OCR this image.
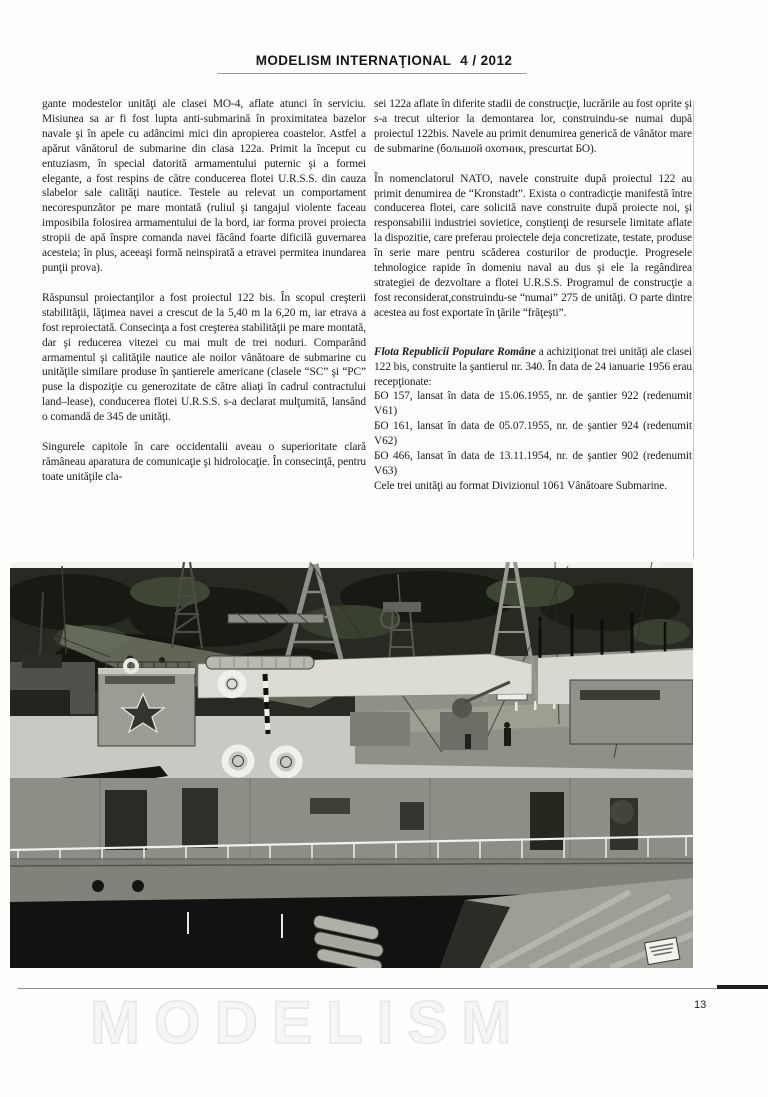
MODELISM INTERNAŢIONAL 4 / 2012

gante modestelor unităţi ale clasei MO-4, aflate atunci în serviciu. Misiunea sa ar fi fost lupta anti-submarină în proximitatea bazelor navale şi în apele cu adâncimi mici din apropierea coastelor. Astfel a apărut vânătorul de submarine din clasa 122a. Primit la început cu entuziasm, în special datorită armamentului puternic şi a formei elegante, a fost respins de către conducerea flotei U.R.S.S. din cauza slabelor sale calităţi nautice. Testele au relevat un comportament necorespunzător pe mare montată (ruliul şi tangajul violente faceau imposibila folosirea armamentului de la bord, iar forma provei proiecta stropii de apă înspre comanda navei făcând foarte dificilă guvernarea acesteia; în plus, aceeaşi formă neinspirată a etravei permitea inundarea punţii prova).

Răspunsul proiectanţilor a fost proiectul 122 bis. În scopul creşterii stabilităţii, lăţimea navei a crescut de la 5,40 m la 6,20 m, iar etrava a fost reproiectată. Consecinţa a fost creşterea stabilităţii pe mare montată, dar şi reducerea vitezei cu mai mult de trei noduri. Comparând armamentul şi calităţile nautice ale noilor vânătoare de submarine cu unităţile similare produse în şantierele americane (clasele “SC” şi “PC” puse la dispoziţie cu generozitate de către aliaţi în cadrul contractului land–lease), conducerea flotei U.R.S.S. s-a declarat mulţumită, lansând o comandă de 345 de unităţi.

Singurele capitole în care occidentalii aveau o superioritate clară rămâneau aparatura de comunicaţie şi hidrolocaţie. În consecinţă, pentru toate unităţile cla-

sei 122a aflate în diferite stadii de construcţie, lucrările au fost oprite şi s-a trecut ulterior la demontarea lor, construindu-se numai după proiectul 122bis. Navele au primit denumirea generică de vânător mare de submarine (большой охотник, prescurtat БО).

În nomenclatorul NATO, navele construite după proiectul 122 au primit denumirea de “Kronstadt”. Exista o contradicţie manifestă între conducerea flotei, care solicită nave construite după proiecte noi, şi responsabilii industriei sovietice, conştienţi de resursele limitate aflate la dispozitie, care preferau proiectele deja concretizate, testate, produse în serie mare pentru scăderea costurilor de producţie. Progresele tehnologice rapide în domeniu naval au dus şi ele la regândirea strategiei de dezvoltare a flotei U.R.S.S. Programul de construcţie a fost reconsiderat,construindu-se “numai” 275 de unităţi. O parte dintre acestea au fost exportate în ţările “frăţeşti”.

Flota Republicii Populare Române a achiziţionat trei unităţi ale clasei 122 bis, construite la şantierul nr. 340. În data de 24 ianuarie 1956 erau recepţionate:

БО 157, lansat în data de 15.06.1955, nr. de şantier 922 (redenumit V61)

БО 161, lansat în data de 05.07.1955, nr. de şantier 924 (redenumit V62)

БО 466, lansat în data de 13.11.1954, nr. de şantier 902 (redenumit V63)

Cele trei unităţi au format Divizionul 1061 Vânătoare Submarine.

MODELISM	13
